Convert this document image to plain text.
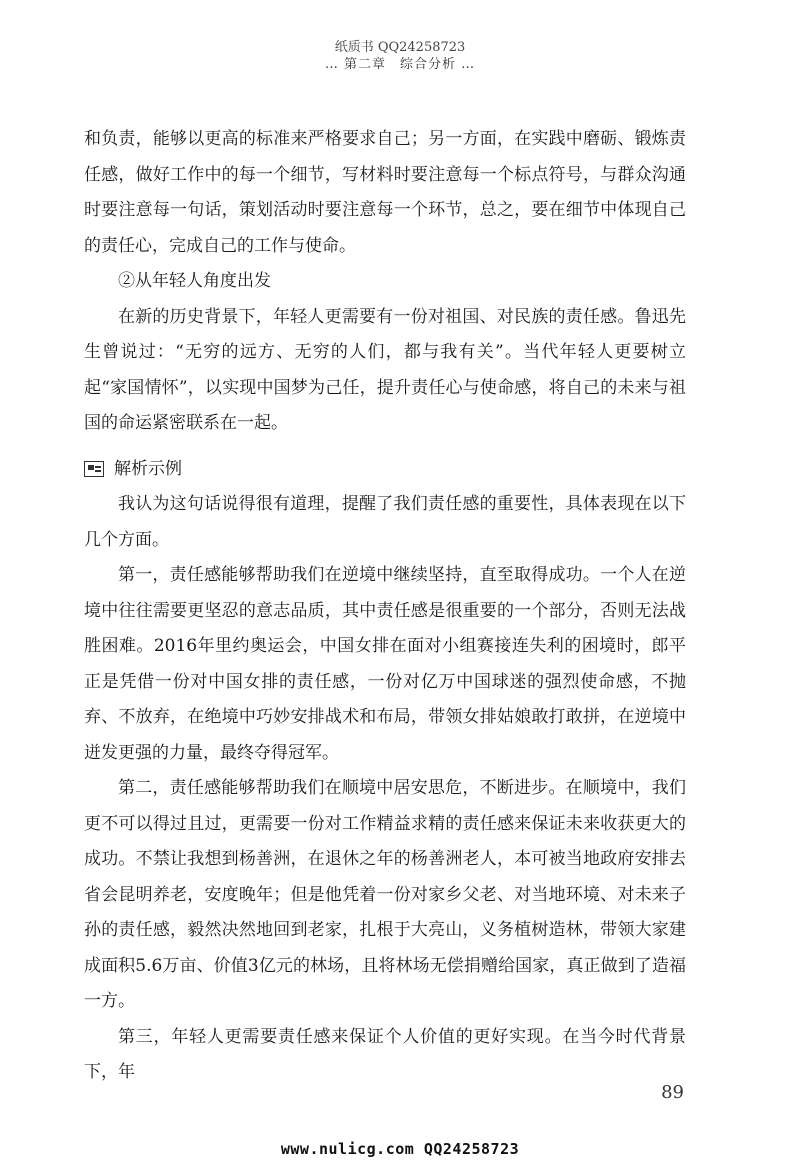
纸质书 QQ24258723
… 第二章　综合分析 …

和负责，能够以更高的标准来严格要求自己；另一方面，在实践中磨砺、锻炼责任感，做好工作中的每一个细节，写材料时要注意每一个标点符号，与群众沟通时要注意每一句话，策划活动时要注意每一个环节，总之，要在细节中体现自己的责任心，完成自己的工作与使命。

②从年轻人角度出发

在新的历史背景下，年轻人更需要有一份对祖国、对民族的责任感。鲁迅先生曾说过：“无穷的远方、无穷的人们，都与我有关”。当代年轻人更要树立起“家国情怀”，以实现中国梦为己任，提升责任心与使命感，将自己的未来与祖国的命运紧密联系在一起。

解析示例

我认为这句话说得很有道理，提醒了我们责任感的重要性，具体表现在以下几个方面。

第一，责任感能够帮助我们在逆境中继续坚持，直至取得成功。一个人在逆境中往往需要更坚忍的意志品质，其中责任感是很重要的一个部分，否则无法战胜困难。2016年里约奥运会，中国女排在面对小组赛接连失利的困境时，郎平正是凭借一份对中国女排的责任感，一份对亿万中国球迷的强烈使命感，不抛弃、不放弃，在绝境中巧妙安排战术和布局，带领女排姑娘敢打敢拼，在逆境中迸发更强的力量，最终夺得冠军。

第二，责任感能够帮助我们在顺境中居安思危，不断进步。在顺境中，我们更不可以得过且过，更需要一份对工作精益求精的责任感来保证未来收获更大的成功。不禁让我想到杨善洲，在退休之年的杨善洲老人，本可被当地政府安排去省会昆明养老，安度晚年；但是他凭着一份对家乡父老、对当地环境、对未来子孙的责任感，毅然决然地回到老家，扎根于大亮山，义务植树造林，带领大家建成面积5.6万亩、价值3亿元的林场，且将林场无偿捐赠给国家，真正做到了造福一方。

第三，年轻人更需要责任感来保证个人价值的更好实现。在当今时代背景下，年

89
www.nulicg.com QQ24258723
